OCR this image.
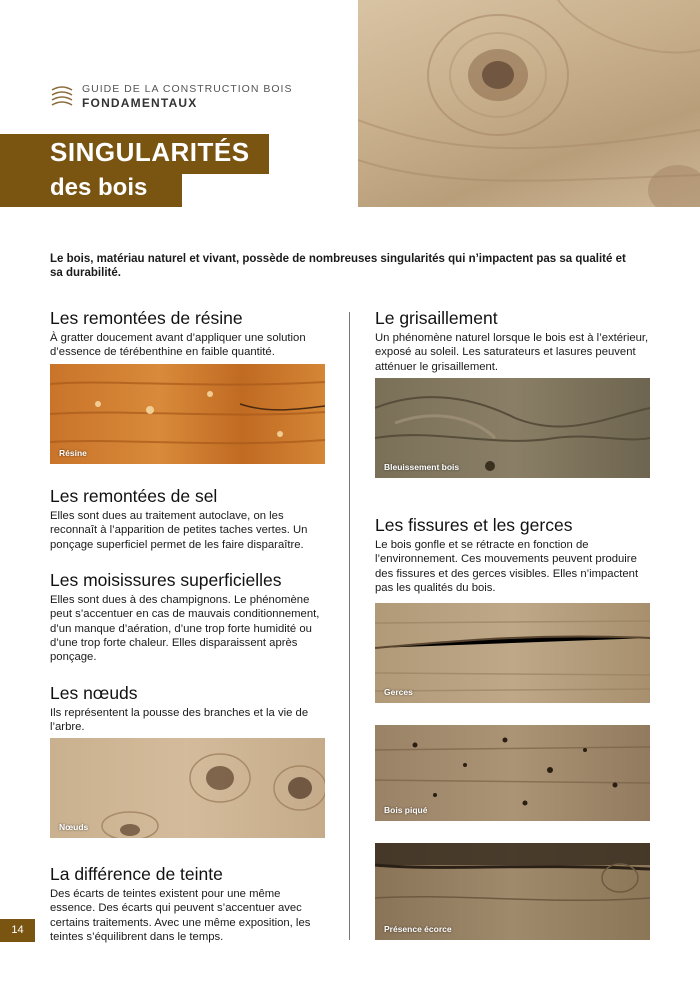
GUIDE DE LA CONSTRUCTION BOIS
FONDAMENTAUX
SINGULARITÉS
des bois
Le bois, matériau naturel et vivant, possède de nombreuses singularités qui n’impactent pas sa qualité et sa durabilité.
Les remontées de résine
À gratter doucement avant d’appliquer une solution d’essence de térébenthine en faible quantité.
Résine
Les remontées de sel
Elles sont dues au traitement autoclave, on les reconnaît à l’apparition de petites taches vertes. Un ponçage superficiel permet de les faire disparaître.
Les moisissures superficielles
Elles sont dues à des champignons. Le phénomène peut s’accentuer en cas de mauvais conditionnement, d’un manque d’aération, d’une trop forte humidité ou d’une trop forte chaleur. Elles disparaissent après ponçage.
Les nœuds
Ils représentent la pousse des branches et la vie de l’arbre.
Nœuds
La différence de teinte
Des écarts de teintes existent pour une même essence. Des écarts qui peuvent s’accentuer avec certains traitements. Avec une même exposition, les teintes s’équilibrent dans le temps.
Le grisaillement
Un phénomène naturel lorsque le bois est à l’extérieur, exposé au soleil. Les saturateurs et lasures peuvent atténuer le grisaillement.
Bleuissement bois
Les fissures et les gerces
Le bois gonfle et se rétracte en fonction de l’environnement. Ces mouvements peuvent produire des fissures et des gerces visibles. Elles n’impactent pas les qualités du bois.
Gerces
Bois piqué
Présence écorce
14
